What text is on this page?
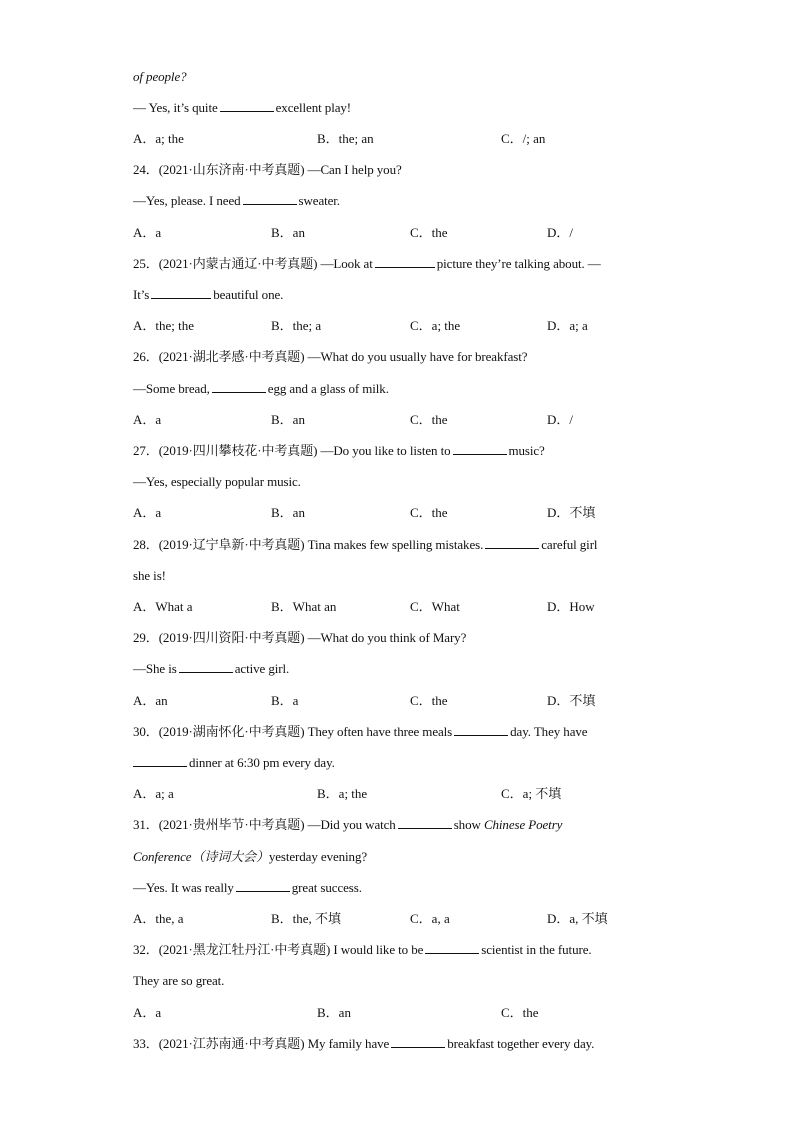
of people?
— Yes, it’s quite	excellent play!
A．a; the	B．the; an	C．/; an
24．(2021·山东济南·中考真题) —Can I help you?
—Yes, please. I need	sweater.
A．a	B．an	C．the	D．/
25．(2021·内蒙古通辽·中考真题) —Look at	picture they’re talking about. —
It’s	beautiful one.
A．the; the	B．the; a	C．a; the	D．a; a
26．(2021·湖北孝感·中考真题) —What do you usually have for breakfast?
—Some bread,	egg and a glass of milk.
A．a	B．an	C．the	D．/
27．(2019·四川攀枝花·中考真题) —Do you like to listen to	music?
—Yes, especially popular music.
A．a	B．an	C．the	D．不填
28．(2019·辽宁阜新·中考真题) Tina makes few spelling mistakes.	careful girl
she is!
A．What a	B．What an	C．What	D．How
29．(2019·四川资阳·中考真题) —What do you think of Mary?
—She is	active girl.
A．an	B．a	C．the	D．不填
30．(2019·湖南怀化·中考真题) They often have three meals	day. They have
dinner at 6:30 pm every day.
A．a; a	B．a; the	C．a; 不填
31．(2021·贵州毕节·中考真题) —Did you watch	show Chinese Poetry
Conference（诗词大会）yesterday evening?
—Yes. It was really	great success.
A．the, a	B．the, 不填	C．a, a	D．a, 不填
32．(2021·黑龙江牡丹江·中考真题) I would like to be	scientist in the future.
They are so great.
A．a	B．an	C．the
33．(2021·江苏南通·中考真题) My family have	breakfast together every day.
